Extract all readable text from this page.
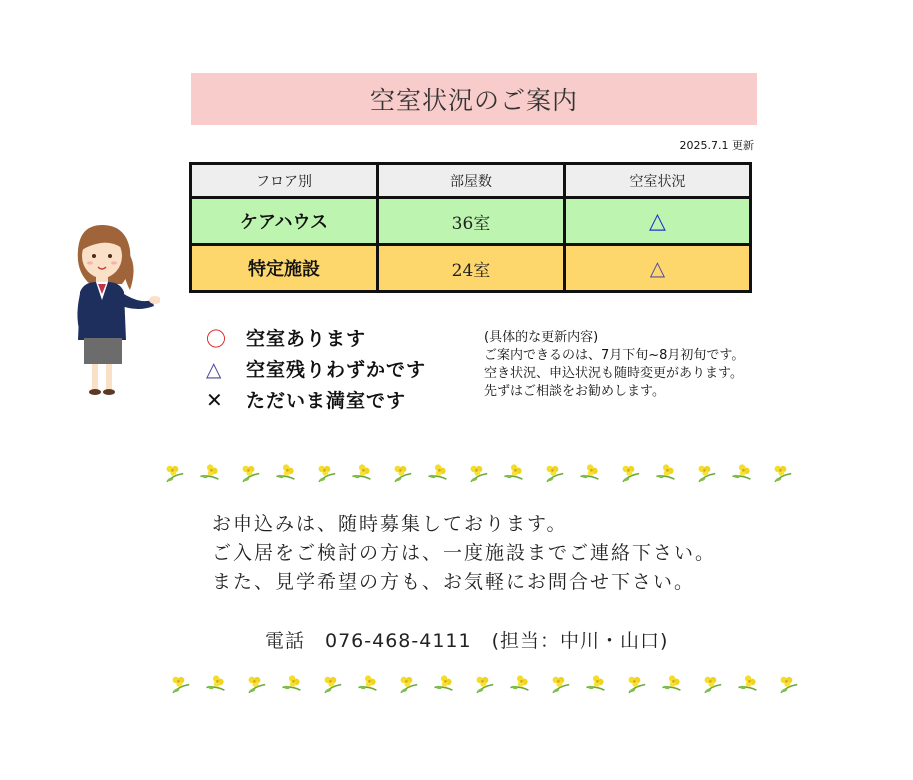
空室状況のご案内
2025.7.1 更新
フロア別	部屋数	空室状況
ケアハウス	36室	△
特定施設	24室	△
〇	空室あります
△	空室残りわずかです
✕	ただいま満室です
(具体的な更新内容)
ご案内できるのは、7月下旬~8月初旬です。
空き状況、申込状況も随時変更があります。
先ずはご相談をお勧めします。
お申込みは、随時募集しております。
ご入居をご検討の方は、一度施設までご連絡下さい。
また、見学希望の方も、お気軽にお問合せ下さい。
電話　076-468-4111　(担当：中川・山口)
